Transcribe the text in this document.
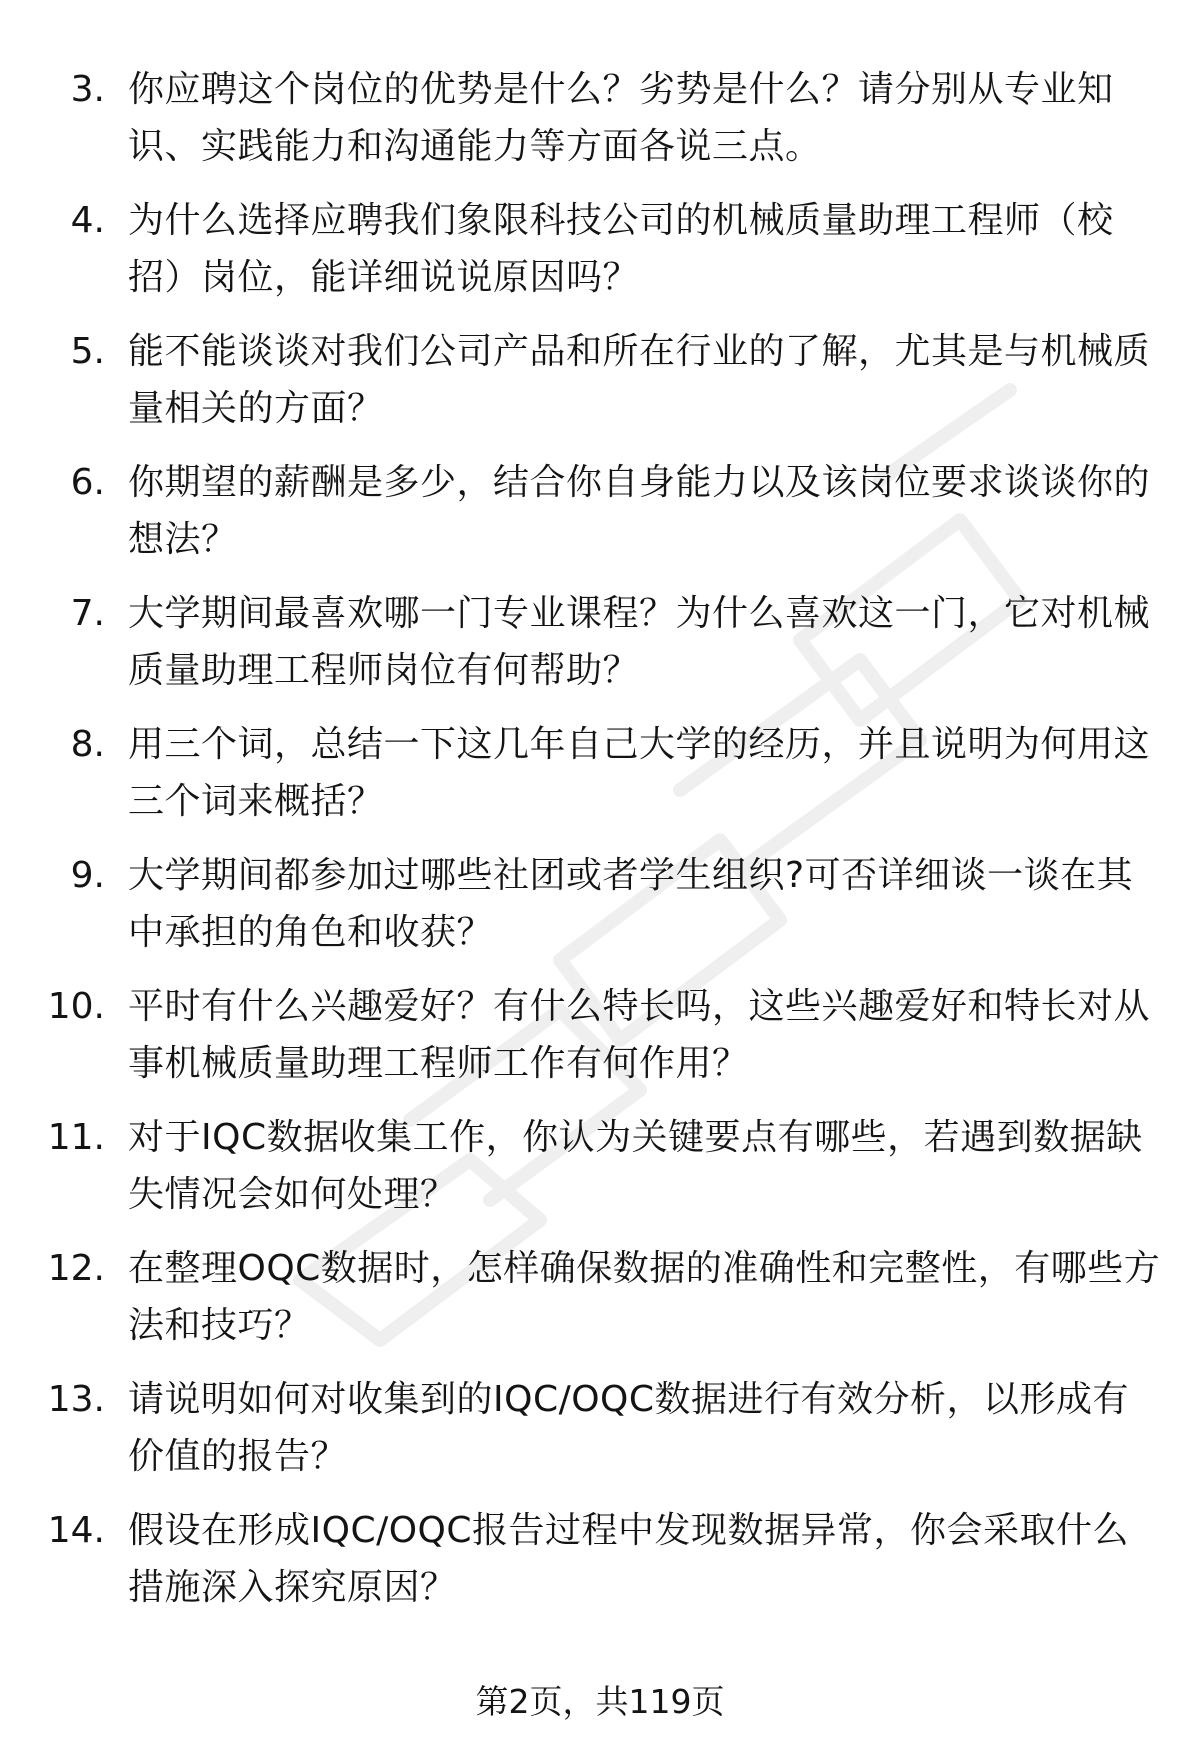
3. 你应聘这个岗位的优势是什么？劣势是什么？请分别从专业知识、实践能力和沟通能力等方面各说三点。

4. 为什么选择应聘我们象限科技公司的机械质量助理工程师（校招）岗位，能详细说说原因吗？

5. 能不能谈谈对我们公司产品和所在行业的了解，尤其是与机械质量相关的方面？

6. 你期望的薪酬是多少，结合你自身能力以及该岗位要求谈谈你的想法？

7. 大学期间最喜欢哪一门专业课程？为什么喜欢这一门，它对机械质量助理工程师岗位有何帮助？

8. 用三个词，总结一下这几年自己大学的经历，并且说明为何用这三个词来概括？

9. 大学期间都参加过哪些社团或者学生组织?可否详细谈一谈在其中承担的角色和收获？

10. 平时有什么兴趣爱好？有什么特长吗，这些兴趣爱好和特长对从事机械质量助理工程师工作有何作用？

11. 对于IQC数据收集工作，你认为关键要点有哪些，若遇到数据缺失情况会如何处理？

12. 在整理OQC数据时，怎样确保数据的准确性和完整性，有哪些方法和技巧？

13. 请说明如何对收集到的IQC/OQC数据进行有效分析，以形成有价值的报告？

14. 假设在形成IQC/OQC报告过程中发现数据异常，你会采取什么措施深入探究原因？

第2页，共119页
